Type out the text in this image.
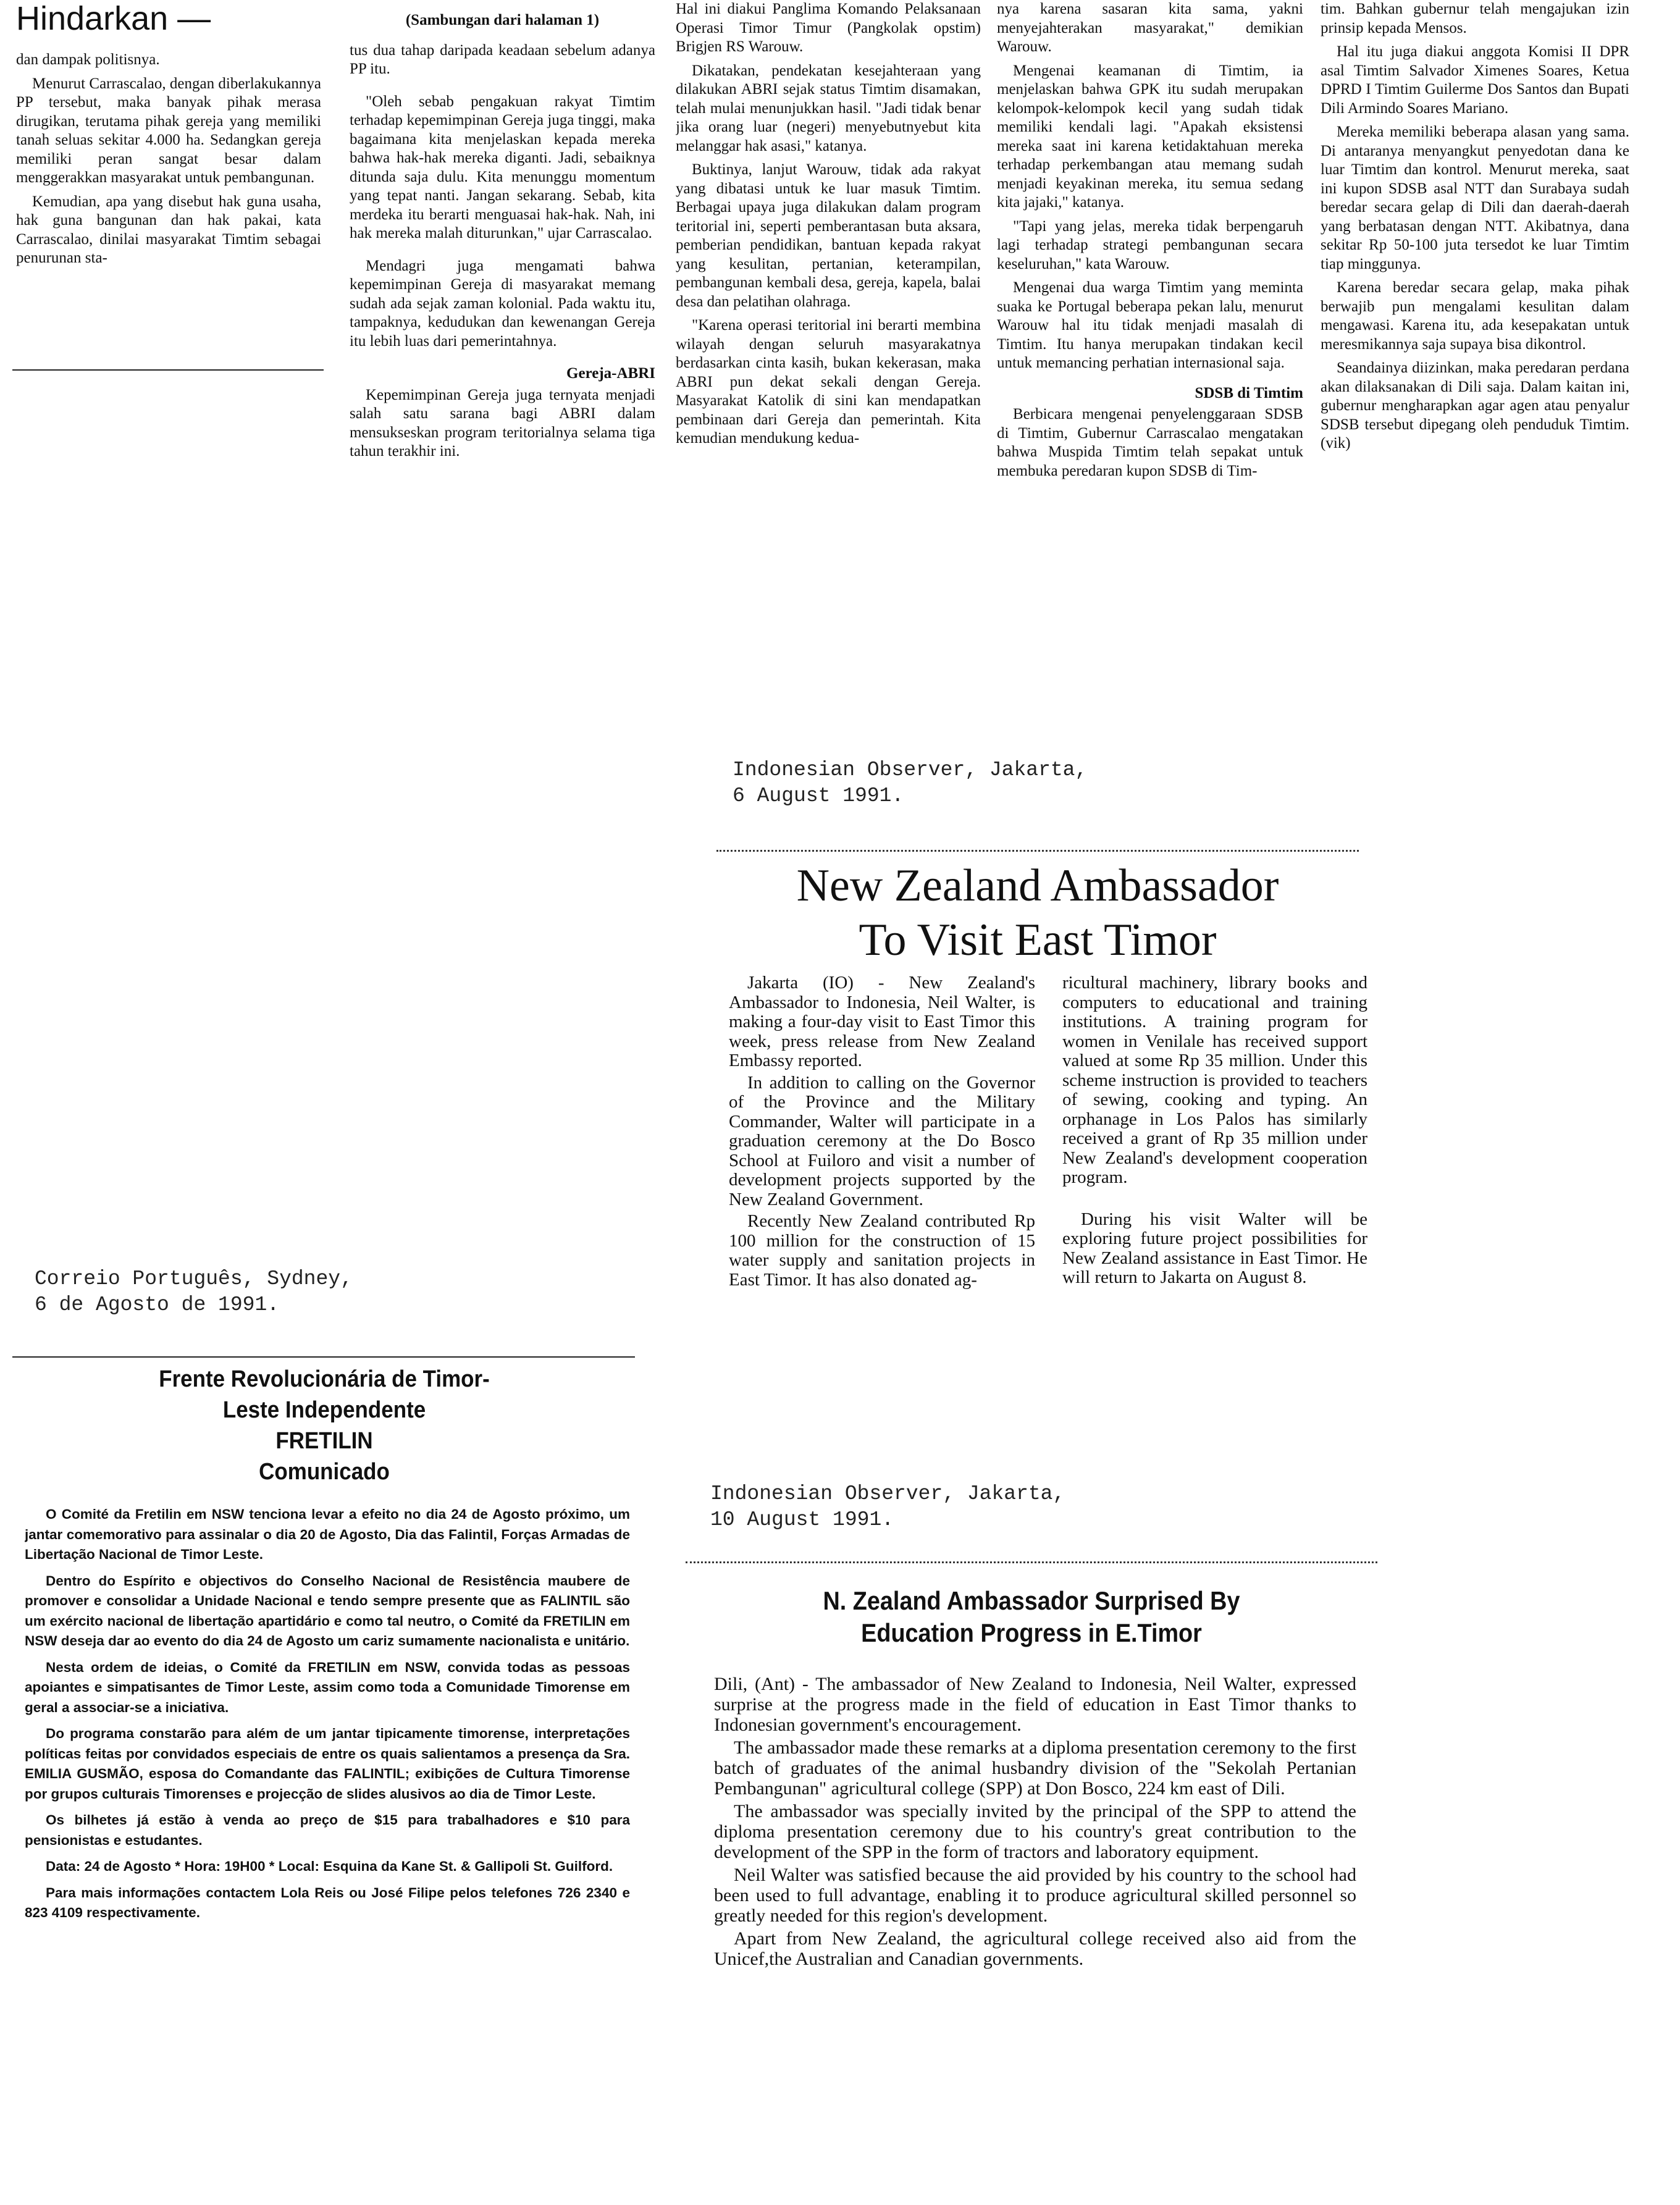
Hindarkan —

dan dampak politisnya.

Menurut Carrascalao, dengan diberlakukannya PP tersebut, maka banyak pihak merasa dirugikan, terutama pihak gereja yang memiliki tanah seluas sekitar 4.000 ha. Sedangkan gereja memiliki peran sangat besar dalam menggerakkan masyarakat untuk pembangunan.

Kemudian, apa yang disebut hak guna usaha, hak guna bangunan dan hak pakai, kata Carrascalao, dinilai masyarakat Timtim sebagai penurunan sta-

(Sambungan dari halaman 1)

tus dua tahap daripada keadaan sebelum adanya PP itu.

"Oleh sebab pengakuan rakyat Timtim terhadap kepemimpinan Gereja juga tinggi, maka bagaimana kita menjelaskan kepada mereka bahwa hak-hak mereka diganti. Jadi, sebaiknya ditunda saja dulu. Kita menunggu momentum yang tepat nanti. Jangan sekarang. Sebab, kita merdeka itu berarti menguasai hak-hak. Nah, ini hak mereka malah diturunkan," ujar Carrascalao.

Mendagri juga mengamati bahwa kepemimpinan Gereja di masyarakat memang sudah ada sejak zaman kolonial. Pada waktu itu, tampaknya, kedudukan dan kewenangan Gereja itu lebih luas dari pemerintahnya.

Gereja-ABRI

Kepemimpinan Gereja juga ternyata menjadi salah satu sarana bagi ABRI dalam mensukseskan program teritorialnya selama tiga tahun terakhir ini.

Hal ini diakui Panglima Komando Pelaksanaan Operasi Timor Timur (Pangkolak opstim) Brigjen RS Warouw.

Dikatakan, pendekatan kesejahteraan yang dilakukan ABRI sejak status Timtim disamakan, telah mulai menunjukkan hasil. "Jadi tidak benar jika orang luar (negeri) menyebutnyebut kita melanggar hak asasi," katanya.

Buktinya, lanjut Warouw, tidak ada rakyat yang dibatasi untuk ke luar masuk Timtim. Berbagai upaya juga dilakukan dalam program teritorial ini, seperti pemberantasan buta aksara, pemberian pendidikan, bantuan kepada rakyat yang kesulitan, pertanian, keterampilan, pembangunan kembali desa, gereja, kapela, balai desa dan pelatihan olahraga.

"Karena operasi teritorial ini berarti membina wilayah dengan seluruh masyarakatnya berdasarkan cinta kasih, bukan kekerasan, maka ABRI pun dekat sekali dengan Gereja. Masyarakat Katolik di sini kan mendapatkan pembinaan dari Gereja dan pemerintah. Kita kemudian mendukung kedua-

nya karena sasaran kita sama, yakni menyejahterakan masyarakat," demikian Warouw.

Mengenai keamanan di Timtim, ia menjelaskan bahwa GPK itu sudah merupakan kelompok-kelompok kecil yang sudah tidak memiliki kendali lagi. "Apakah eksistensi mereka saat ini karena ketidaktahuan mereka terhadap perkembangan atau memang sudah menjadi keyakinan mereka, itu semua sedang kita jajaki," katanya.

"Tapi yang jelas, mereka tidak berpengaruh lagi terhadap strategi pembangunan secara keseluruhan," kata Warouw.

Mengenai dua warga Timtim yang meminta suaka ke Portugal beberapa pekan lalu, menurut Warouw hal itu tidak menjadi masalah di Timtim. Itu hanya merupakan tindakan kecil untuk memancing perhatian internasional saja.

SDSB di Timtim

Berbicara mengenai penyelenggaraan SDSB di Timtim, Gubernur Carrascalao mengatakan bahwa Muspida Timtim telah sepakat untuk membuka peredaran kupon SDSB di Tim-

tim. Bahkan gubernur telah mengajukan izin prinsip kepada Mensos.

Hal itu juga diakui anggota Komisi II DPR asal Timtim Salvador Ximenes Soares, Ketua DPRD I Timtim Guilerme Dos Santos dan Bupati Dili Armindo Soares Mariano.

Mereka memiliki beberapa alasan yang sama. Di antaranya menyangkut penyedotan dana ke luar Timtim dan kontrol. Menurut mereka, saat ini kupon SDSB asal NTT dan Surabaya sudah beredar secara gelap di Dili dan daerah-daerah yang berbatasan dengan NTT. Akibatnya, dana sekitar Rp 50-100 juta tersedot ke luar Timtim tiap minggunya.

Karena beredar secara gelap, maka pihak berwajib pun mengalami kesulitan dalam mengawasi. Karena itu, ada kesepakatan untuk meresmikannya saja supaya bisa dikontrol.

Seandainya diizinkan, maka peredaran perdana akan dilaksanakan di Dili saja. Dalam kaitan ini, gubernur mengharapkan agar agen atau penyalur SDSB tersebut dipegang oleh penduduk Timtim. (vik)

Indonesian Observer, Jakarta,
6 August 1991.
New Zealand Ambassador
To Visit East Timor

Jakarta (IO) - New Zealand's Ambassador to Indonesia, Neil Walter, is making a four-day visit to East Timor this week, press release from New Zealand Embassy reported.

In addition to calling on the Governor of the Province and the Military Commander, Walter will participate in a graduation ceremony at the Do Bosco School at Fuiloro and visit a number of development projects supported by the New Zealand Government.

Recently New Zealand contributed Rp 100 million for the construction of 15 water supply and sanitation projects in East Timor. It has also donated ag-

ricultural machinery, library books and computers to educational and training institutions. A training program for women in Venilale has received support valued at some Rp 35 million. Under this scheme instruction is provided to teachers of sewing, cooking and typing. An orphanage in Los Palos has similarly received a grant of Rp 35 million under New Zealand's development cooperation program.

During his visit Walter will be exploring future project possibilities for New Zealand assistance in East Timor. He will return to Jakarta on August 8.

Correio Português, Sydney,
6 de Agosto de 1991.
Frente Revolucionária de Timor-
Leste Independente
FRETILIN
Comunicado

O Comité da Fretilin em NSW tenciona levar a efeito no dia 24 de Agosto próximo, um jantar comemorativo para assinalar o dia 20 de Agosto, Dia das Falintil, Forças Armadas de Libertação Nacional de Timor Leste.

Dentro do Espírito e objectivos do Conselho Nacional de Resistência maubere de promover e consolidar a Unidade Nacional e tendo sempre presente que as FALINTIL são um exército nacional de libertação apartidário e como tal neutro, o Comité da FRETILIN em NSW deseja dar ao evento do dia 24 de Agosto um cariz sumamente nacionalista e unitário.

Nesta ordem de ideias, o Comité da FRETILIN em NSW, convida todas as pessoas apoiantes e simpatisantes de Timor Leste, assim como toda a Comunidade Timorense em geral a associar-se a iniciativa.

Do programa constarão para além de um jantar tipicamente timorense, interpretações políticas feitas por convidados especiais de entre os quais salientamos a presença da Sra. EMILIA GUSMÃO, esposa do Comandante das FALINTIL; exibições de Cultura Timorense por grupos culturais Timorenses e projecção de slides alusivos ao dia de Timor Leste.

Os bilhetes já estão à venda ao preço de $15 para trabalhadores e $10 para pensionistas e estudantes.

Data: 24 de Agosto * Hora: 19H00 * Local: Esquina da Kane St. & Gallipoli St. Guilford.

Para mais informações contactem Lola Reis ou José Filipe pelos telefones 726 2340 e 823 4109 respectivamente.

Indonesian Observer, Jakarta,
10 August 1991.
N. Zealand Ambassador Surprised By
Education Progress in E.Timor

Dili, (Ant) - The ambassador of New Zealand to Indonesia, Neil Walter, expressed surprise at the progress made in the field of education in East Timor thanks to Indonesian government's encouragement.

The ambassador made these remarks at a diploma presentation ceremony to the first batch of graduates of the animal husbandry division of the "Sekolah Pertanian Pembangunan" agricultural college (SPP) at Don Bosco, 224 km east of Dili.

The ambassador was specially invited by the principal of the SPP to attend the diploma presentation ceremony due to his country's great contribution to the development of the SPP in the form of tractors and laboratory equipment.

Neil Walter was satisfied because the aid provided by his country to the school had been used to full advantage, enabling it to produce agricultural skilled personnel so greatly needed for this region's development.

Apart from New Zealand, the agricultural college received also aid from the Unicef,the Australian and Canadian governments.
